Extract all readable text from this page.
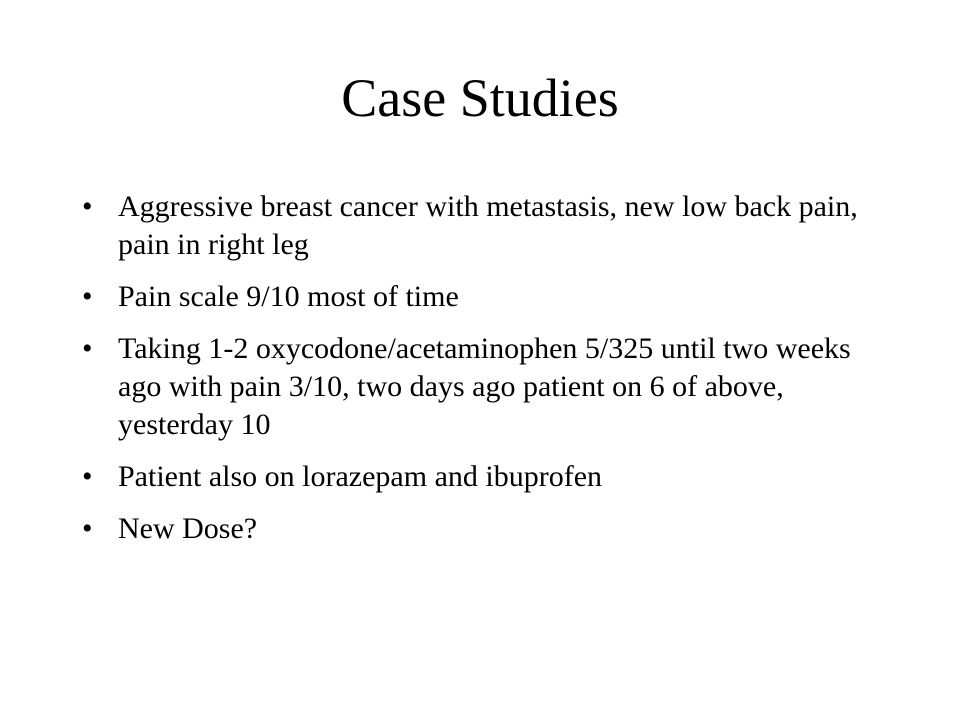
Case Studies
• Aggressive breast cancer with metastasis, new low back pain, pain in right leg
• Pain scale 9/10 most of time
• Taking 1-2 oxycodone/acetaminophen 5/325 until two weeks ago with pain 3/10, two days ago patient on 6 of above, yesterday 10
• Patient also on lorazepam and ibuprofen
• New Dose?
